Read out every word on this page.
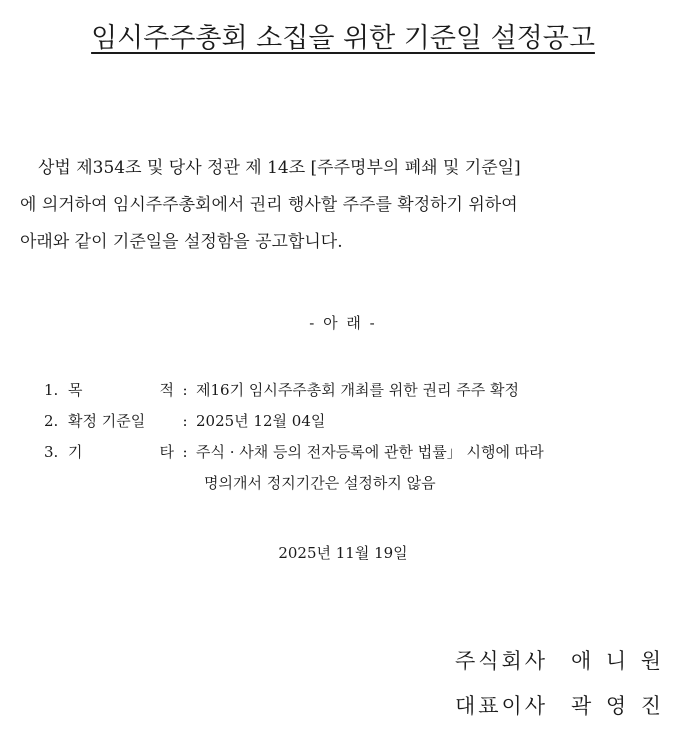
임시주주총회 소집을 위한 기준일 설정공고

상법 제354조 및 당사 정관 제 14조 [주주명부의 폐쇄 및 기준일]
에 의거하여 임시주주총회에서 권리 행사할 주주를 확정하기 위하여
아래와 같이 기준일을 설정함을 공고합니다.

- 아 래 -
1. 목	적 : 제16기 임시주주총회 개최를 위한 권리 주주 확정
2. 확정 기준일	: 2025년 12월 04일
3. 기	타 : 주식 · 사채 등의 전자등록에 관한 법률」 시행에 따라
명의개서 정지기간은 설정하지 않음
2025년 11월 19일
주 식 회 사 애 니 원
대 표 이 사 곽 영 진
